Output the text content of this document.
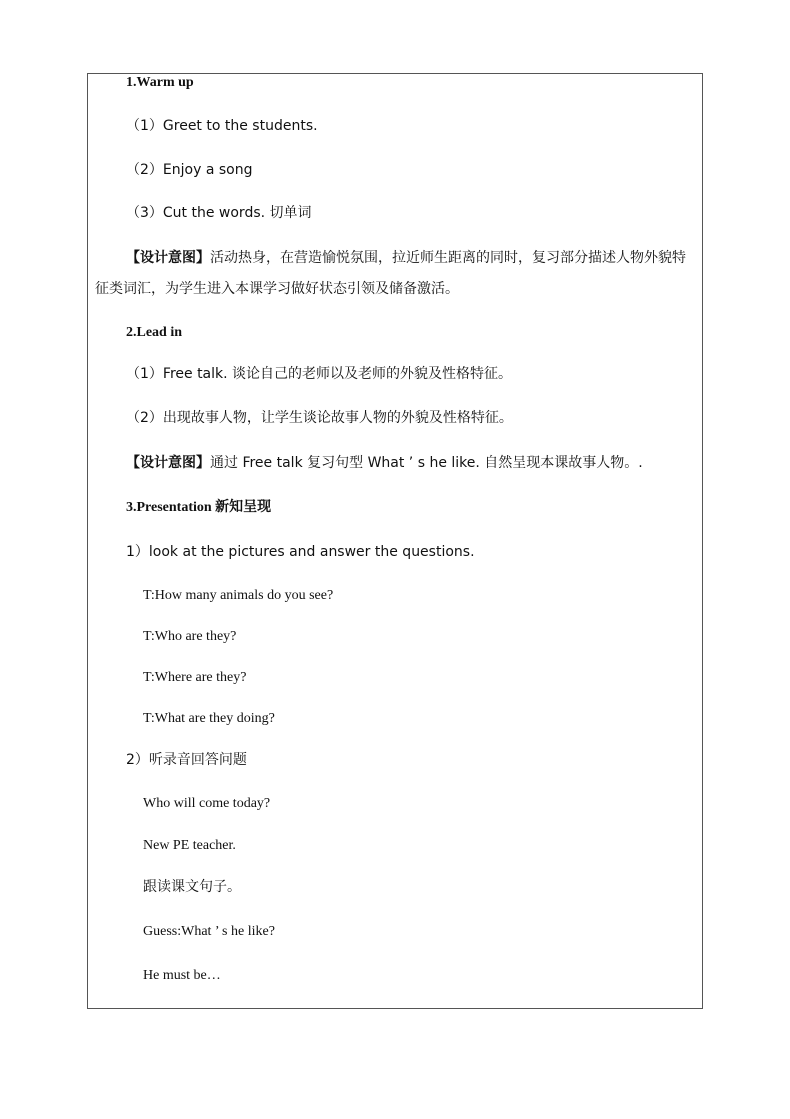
1.Warm up
（1）Greet to the students.
（2）Enjoy a song
（3）Cut the words. 切单词
【设计意图】活动热身，在营造愉悦氛围，拉近师生距离的同时，复习部分描述人物外貌特征类词汇，为学生进入本课学习做好状态引领及储备激活。
2.Lead in
（1）Free talk. 谈论自己的老师以及老师的外貌及性格特征。
（2）出现故事人物，让学生谈论故事人物的外貌及性格特征。
【设计意图】通过 Free talk 复习句型 What ’ s he like. 自然呈现本课故事人物。.
3.Presentation 新知呈现
1）look at the pictures and answer the questions.
T:How many animals do you see?
T:Who are they?
T:Where are they?
T:What are they doing?
2）听录音回答问题
Who will come today?
New PE teacher.
跟读课文句子。
Guess:What ’ s he like?
He must be…
